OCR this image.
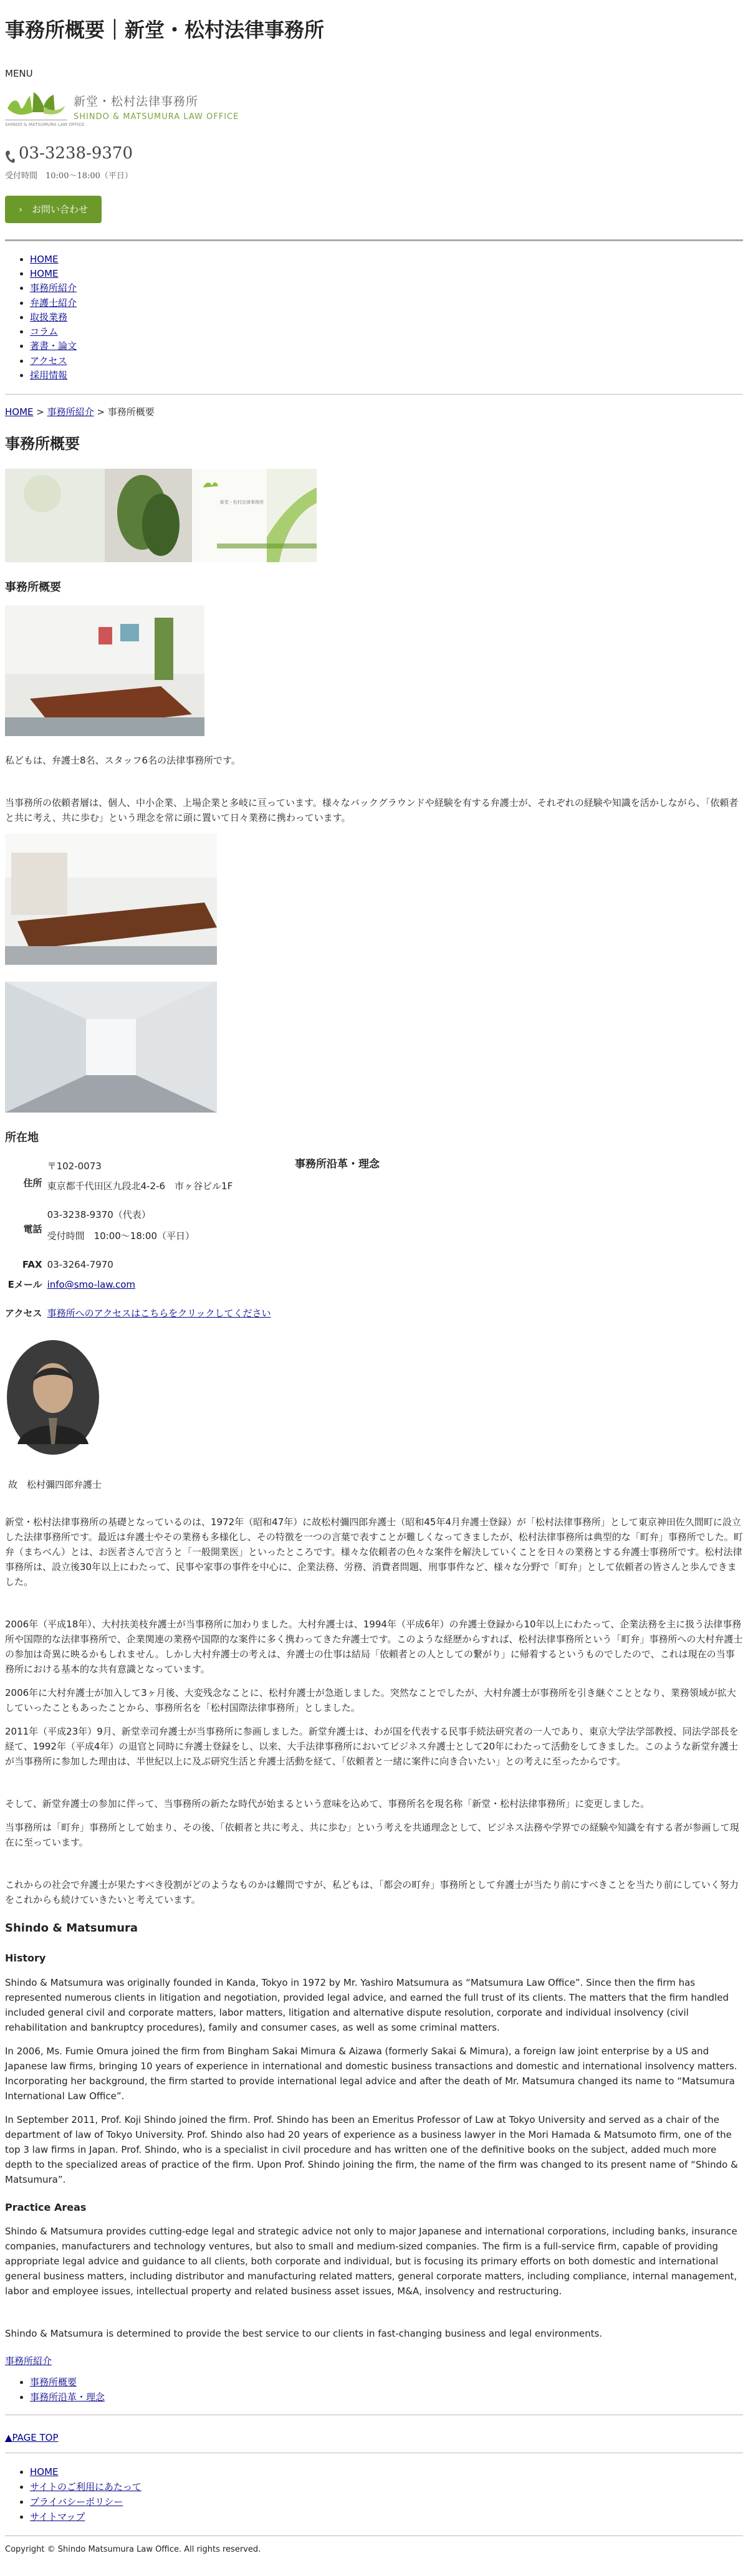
事務所概要｜新堂・松村法律事務所
MENU
SHINDO & MATSUMURA LAW OFFICE
新堂・松村法律事務所
SHINDO & MATSUMURA LAW OFFICE
03-3238-9370
受付時間　10:00～18:00（平日）
›　お問い合わせ
• HOME
• HOME
• 事務所紹介
• 弁護士紹介
• 取扱業務
• コラム
• 著書・論文
• アクセス
• 採用情報
HOME > 事務所紹介 > 事務所概要
事務所概要
新堂・松村法律事務所
事務所概要

私どもは、弁護士8名、スタッフ6名の法律事務所です。

当事務所の依頼者層は、個人、中小企業、上場企業と多岐に亘っています。様々なバックグラウンドや経験を有する弁護士が、それぞれの経験や知識を活かしながら、「依頼者と共に考え、共に歩む」という理念を常に頭に置いて日々業務に携わっています。

所在地
事務所沿革・理念
住所	〒102-0073
東京都千代田区九段北4-2-6　市ヶ谷ビル1F

電話	03-3238-9370（代表）
受付時間　10:00～18:00（平日）

FAX	03-3264-7970
Eメール	info@smo-law.com
アクセス	事務所へのアクセスはこちらをクリックしてください
故　松村彌四郎弁護士

新堂・松村法律事務所の基礎となっているのは、1972年（昭和47年）に故松村彌四郎弁護士（昭和45年4月弁護士登録）が「松村法律事務所」として東京神田佐久間町に設立した法律事務所です。最近は弁護士やその業務も多様化し、その特徴を一つの言葉で表すことが難しくなってきましたが、松村法律事務所は典型的な「町弁」事務所でした。町弁（まちべん）とは、お医者さんで言うと「一般開業医」といったところです。様々な依頼者の色々な案件を解決していくことを日々の業務とする弁護士事務所です。松村法律事務所は、設立後30年以上にわたって、民事や家事の事件を中心に、企業法務、労務、消費者問題、刑事事件など、様々な分野で「町弁」として依頼者の皆さんと歩んできました。

2006年（平成18年）、大村扶美枝弁護士が当事務所に加わりました。大村弁護士は、1994年（平成6年）の弁護士登録から10年以上にわたって、企業法務を主に扱う法律事務所や国際的な法律事務所で、企業関連の業務や国際的な案件に多く携わってきた弁護士です。このような経歴からすれば、松村法律事務所という「町弁」事務所への大村弁護士の参加は奇異に映るかもしれません。しかし大村弁護士の考えは、弁護士の仕事は結局「依頼者との人としての繋がり」に帰着するというものでしたので、これは現在の当事務所における基本的な共有意識となっています。

2006年に大村弁護士が加入して3ヶ月後、大変残念なことに、松村弁護士が急逝しました。突然なことでしたが、大村弁護士が事務所を引き継ぐこととなり、業務領域が拡大していったこともあったことから、事務所名を「松村国際法律事務所」としました。

2011年（平成23年）9月、新堂幸司弁護士が当事務所に参画しました。新堂弁護士は、わが国を代表する民事手続法研究者の一人であり、東京大学法学部教授、同法学部長を経て、1992年（平成4年）の退官と同時に弁護士登録をし、以来、大手法律事務所においてビジネス弁護士として20年にわたって活動をしてきました。このような新堂弁護士が当事務所に参加した理由は、半世紀以上に及ぶ研究生活と弁護士活動を経て、「依頼者と一緒に案件に向き合いたい」との考えに至ったからです。

そして、新堂弁護士の参加に伴って、当事務所の新たな時代が始まるという意味を込めて、事務所名を現名称「新堂・松村法律事務所」に変更しました。

当事務所は「町弁」事務所として始まり、その後、「依頼者と共に考え、共に歩む」という考えを共通理念として、ビジネス法務や学界での経験や知識を有する者が参画して現在に至っています。

これからの社会で弁護士が果たすべき役割がどのようなものかは難問ですが、私どもは、「都会の町弁」事務所として弁護士が当たり前にすべきことを当たり前にしていく努力をこれからも続けていきたいと考えています。

Shindo & Matsumura
History

Shindo & Matsumura was originally founded in Kanda, Tokyo in 1972 by Mr. Yashiro Matsumura as “Matsumura Law Office”. Since then the firm has represented numerous clients in litigation and negotiation, provided legal advice, and earned the full trust of its clients. The matters that the firm handled included general civil and corporate matters, labor matters, litigation and alternative dispute resolution, corporate and individual insolvency (civil rehabilitation and bankruptcy procedures), family and consumer cases, as well as some criminal matters.

In 2006, Ms. Fumie Omura joined the firm from Bingham Sakai Mimura & Aizawa (formerly Sakai & Mimura), a foreign law joint enterprise by a US and Japanese law firms, bringing 10 years of experience in international and domestic business transactions and domestic and international insolvency matters. Incorporating her background, the firm started to provide international legal advice and after the death of Mr. Matsumura changed its name to “Matsumura International Law Office”.

In September 2011, Prof. Koji Shindo joined the firm. Prof. Shindo has been an Emeritus Professor of Law at Tokyo University and served as a chair of the department of law of Tokyo University. Prof. Shindo also had 20 years of experience as a business lawyer in the Mori Hamada & Matsumoto firm, one of the top 3 law firms in Japan. Prof. Shindo, who is a specialist in civil procedure and has written one of the definitive books on the subject, added much more depth to the specialized areas of practice of the firm. Upon Prof. Shindo joining the firm, the name of the firm was changed to its present name of “Shindo & Matsumura”.

Practice Areas

Shindo & Matsumura provides cutting-edge legal and strategic advice not only to major Japanese and international corporations, including banks, insurance companies, manufacturers and technology ventures, but also to small and medium-sized companies. The firm is a full-service firm, capable of providing appropriate legal advice and guidance to all clients, both corporate and individual, but is focusing its primary efforts on both domestic and international general business matters, including distributor and manufacturing related matters, general corporate matters, including compliance, internal management, labor and employee issues, intellectual property and related business asset issues, M&A, insolvency and restructuring.

Shindo & Matsumura is determined to provide the best service to our clients in fast-changing business and legal environments.

事務所紹介
• 事務所概要
• 事務所沿革・理念
▲PAGE TOP
• HOME
• サイトのご利用にあたって
• プライバシーポリシー
• サイトマップ
Copyright © Shindo Matsumura Law Office. All rights reserved.
